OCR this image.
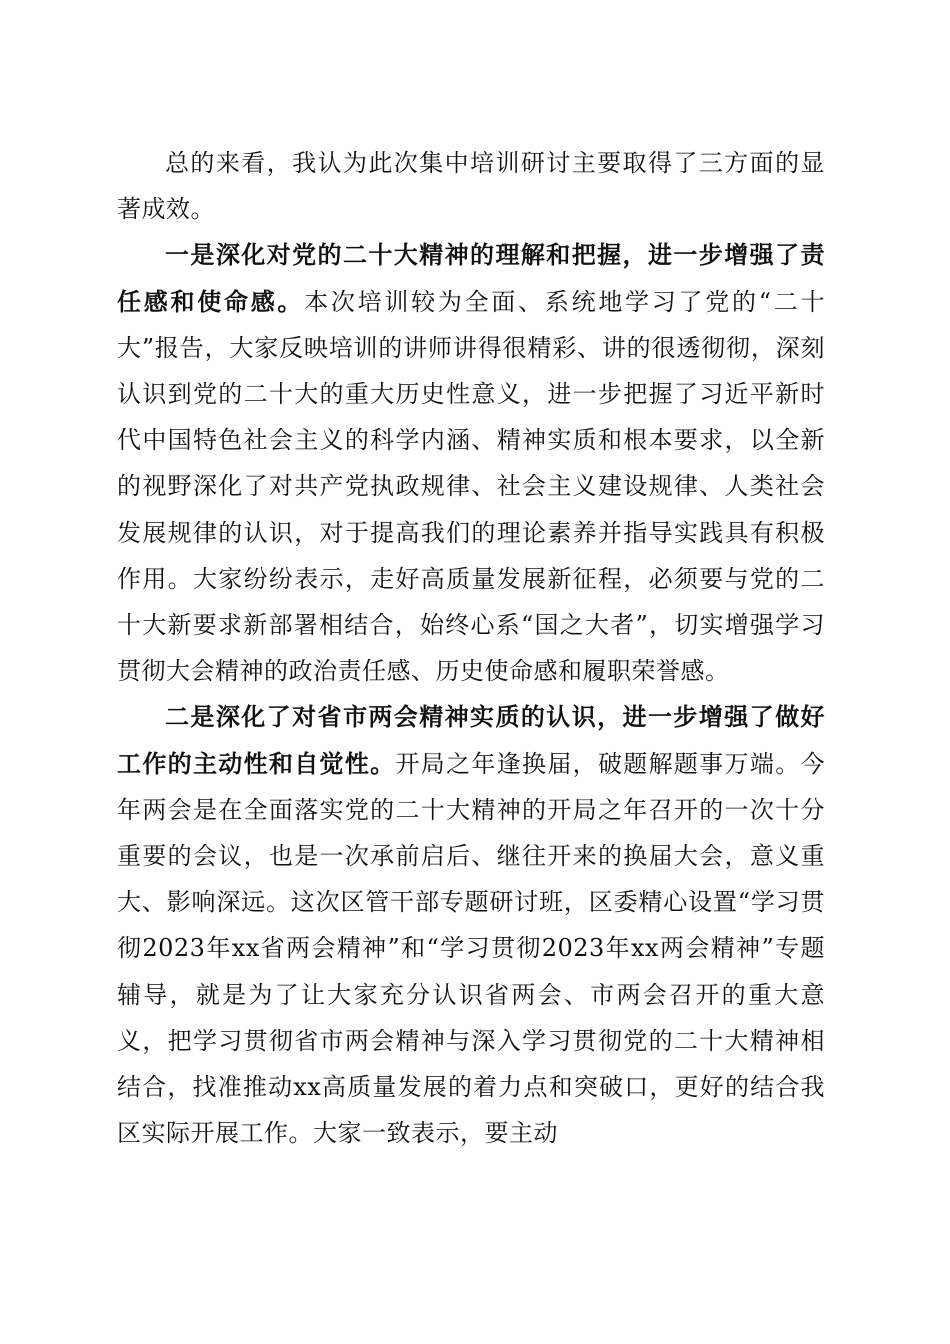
总的来看，我认为此次集中培训研讨主要取得了三方面的显著成效。

一是深化对党的二十大精神的理解和把握，进一步增强了责任感和使命感。本次培训较为全面、系统地学习了党的“二十大”报告，大家反映培训的讲师讲得很精彩、讲的很透彻彻，深刻认识到党的二十大的重大历史性意义，进一步把握了习近平新时代中国特色社会主义的科学内涵、精神实质和根本要求，以全新的视野深化了对共产党执政规律、社会主义建设规律、人类社会发展规律的认识，对于提高我们的理论素养并指导实践具有积极作用。大家纷纷表示，走好高质量发展新征程，必须要与党的二十大新要求新部署相结合，始终心系“国之大者”，切实增强学习贯彻大会精神的政治责任感、历史使命感和履职荣誉感。

二是深化了对省市两会精神实质的认识，进一步增强了做好工作的主动性和自觉性。开局之年逢换届，破题解题事万端。今年两会是在全面落实党的二十大精神的开局之年召开的一次十分重要的会议，也是一次承前启后、继往开来的换届大会，意义重大、影响深远。这次区管干部专题研讨班，区委精心设置“学习贯彻2023年xx省两会精神”和“学习贯彻2023年xx两会精神”专题辅导，就是为了让大家充分认识省两会、市两会召开的重大意义，把学习贯彻省市两会精神与深入学习贯彻党的二十大精神相结合，找准推动xx高质量发展的着力点和突破口，更好的结合我区实际开展工作。大家一致表示，要主动
